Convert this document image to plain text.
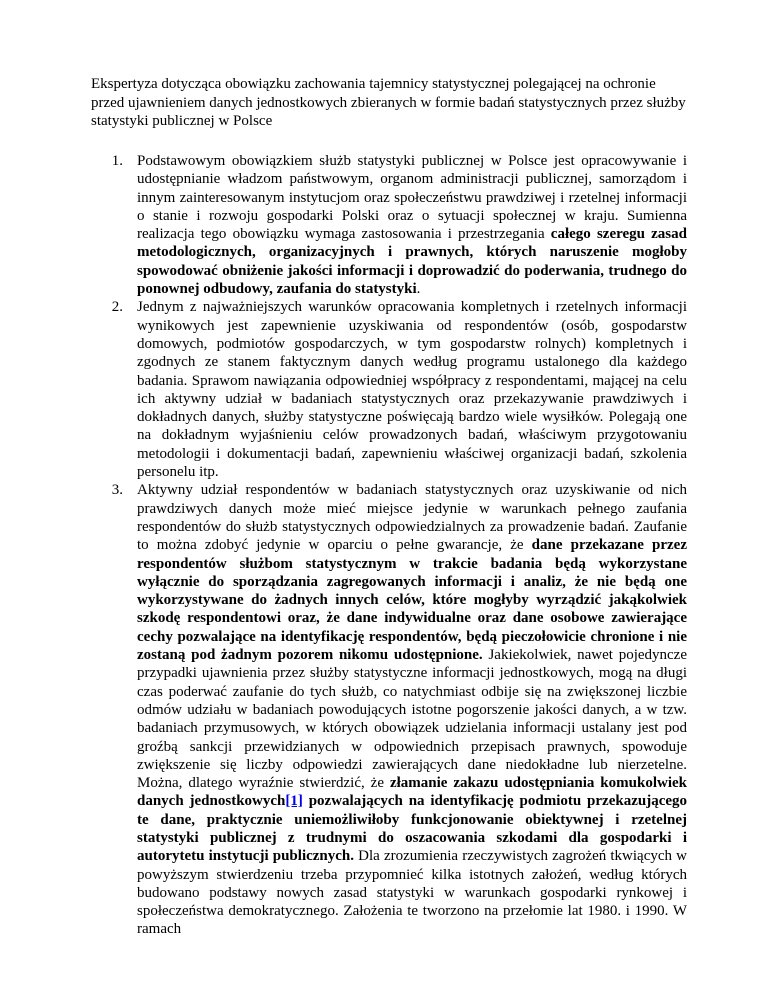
Ekspertyza dotycząca obowiązku zachowania tajemnicy statystycznej polegającej na ochronie przed ujawnieniem danych jednostkowych zbieranych w formie badań statystycznych przez służby statystyki publicznej w Polsce
1. Podstawowym obowiązkiem służb statystyki publicznej w Polsce jest opracowywanie i udostępnianie władzom państwowym, organom administracji publicznej, samorządom i innym zainteresowanym instytucjom oraz społeczeństwu prawdziwej i rzetelnej informacji o stanie i rozwoju gospodarki Polski oraz o sytuacji społecznej w kraju. Sumienna realizacja tego obowiązku wymaga zastosowania i przestrzegania całego szeregu zasad metodologicznych, organizacyjnych i prawnych, których naruszenie mogłoby spowodować obniżenie jakości informacji i doprowadzić do poderwania, trudnego do ponownej odbudowy, zaufania do statystyki.
2. Jednym z najważniejszych warunków opracowania kompletnych i rzetelnych informacji wynikowych jest zapewnienie uzyskiwania od respondentów (osób, gospodarstw domowych, podmiotów gospodarczych, w tym gospodarstw rolnych) kompletnych i zgodnych ze stanem faktycznym danych według programu ustalonego dla każdego badania. Sprawom nawiązania odpowiedniej współpracy z respondentami, mającej na celu ich aktywny udział w badaniach statystycznych oraz przekazywanie prawdziwych i dokładnych danych, służby statystyczne poświęcają bardzo wiele wysiłków. Polegają one na dokładnym wyjaśnieniu celów prowadzonych badań, właściwym przygotowaniu metodologii i dokumentacji badań, zapewnieniu właściwej organizacji badań, szkolenia personelu itp.
3. Aktywny udział respondentów w badaniach statystycznych oraz uzyskiwanie od nich prawdziwych danych może mieć miejsce jedynie w warunkach pełnego zaufania respondentów do służb statystycznych odpowiedzialnych za prowadzenie badań. Zaufanie to można zdobyć jedynie w oparciu o pełne gwarancje, że dane przekazane przez respondentów służbom statystycznym w trakcie badania będą wykorzystane wyłącznie do sporządzania zagregowanych informacji i analiz, że nie będą one wykorzystywane do żadnych innych celów, które mogłyby wyrządzić jakąkolwiek szkodę respondentowi oraz, że dane indywidualne oraz dane osobowe zawierające cechy pozwalające na identyfikację respondentów, będą pieczołowicie chronione i nie zostaną pod żadnym pozorem nikomu udostępnione. Jakiekolwiek, nawet pojedyncze przypadki ujawnienia przez służby statystyczne informacji jednostkowych, mogą na długi czas poderwać zaufanie do tych służb, co natychmiast odbije się na zwiększonej liczbie odmów udziału w badaniach powodujących istotne pogorszenie jakości danych, a w tzw. badaniach przymusowych, w których obowiązek udzielania informacji ustalany jest pod groźbą sankcji przewidzianych w odpowiednich przepisach prawnych, spowoduje zwiększenie się liczby odpowiedzi zawierających dane niedokładne lub nierzetelne. Można, dlatego wyraźnie stwierdzić, że złamanie zakazu udostępniania komukolwiek danych jednostkowych[1] pozwalających na identyfikację podmiotu przekazującego te dane, praktycznie uniemożliwiłoby funkcjonowanie obiektywnej i rzetelnej statystyki publicznej z trudnymi do oszacowania szkodami dla gospodarki i autorytetu instytucji publicznych. Dla zrozumienia rzeczywistych zagrożeń tkwiących w powyższym stwierdzeniu trzeba przypomnieć kilka istotnych założeń, według których budowano podstawy nowych zasad statystyki w warunkach gospodarki rynkowej i społeczeństwa demokratycznego. Założenia te tworzono na przełomie lat 1980. i 1990. W ramach
